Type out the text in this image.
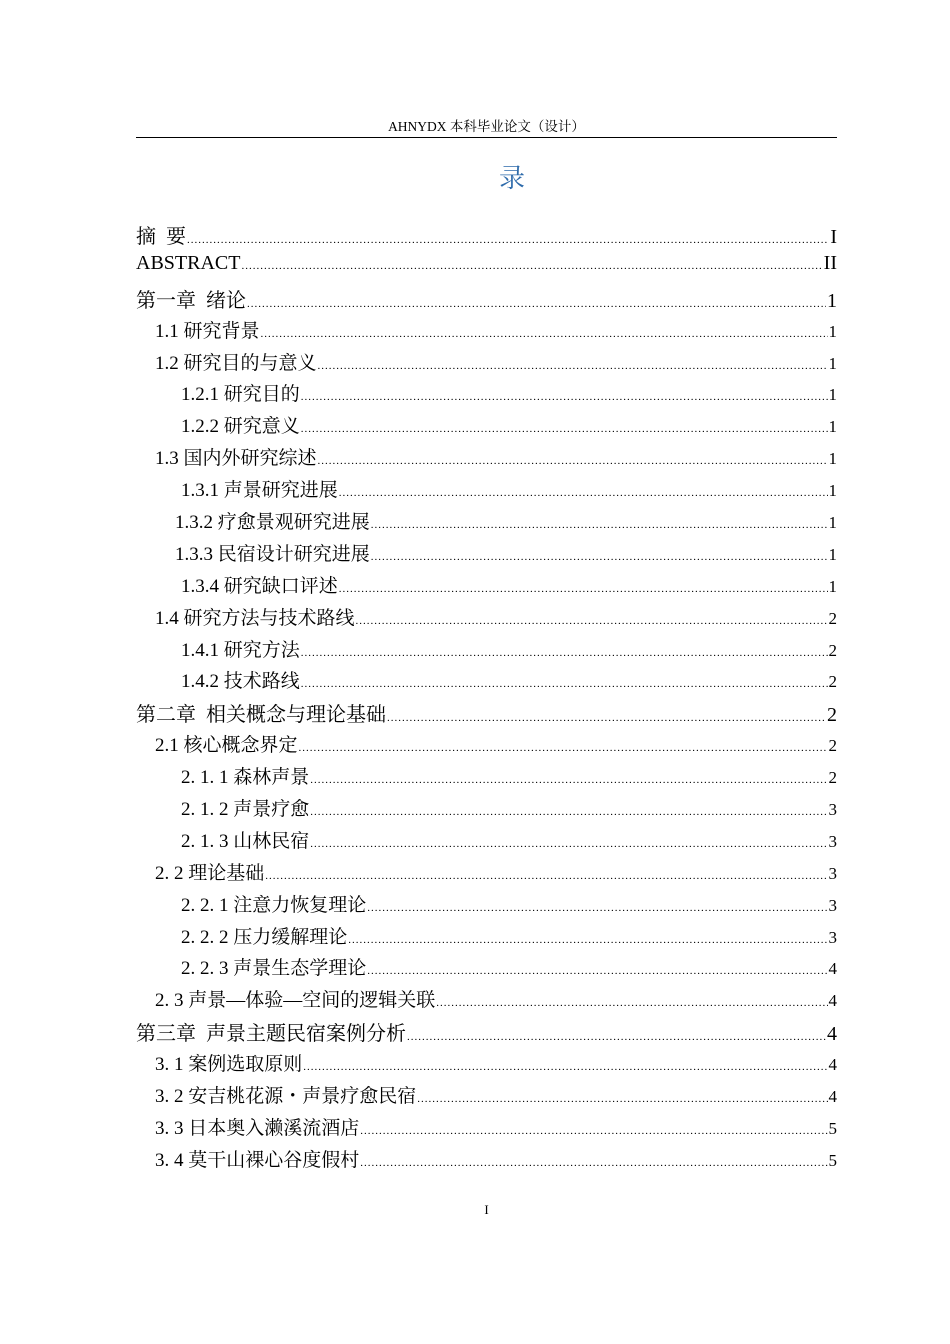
AHNYDX 本科毕业论文（设计）
录
摘  要 .....	I
ABSTRACT .....	II
第一章  绪论 .....	1
1.1 研究背景 .....	1
1.2 研究目的与意义 .....	1
1.2.1 研究目的 .....	1
1.2.2 研究意义 .....	1
1.3 国内外研究综述 .....	1
1.3.1 声景研究进展 .....	1
1.3.2 疗愈景观研究进展 .....	1
1.3.3 民宿设计研究进展 .....	1
1.3.4 研究缺口评述 .....	1
1.4 研究方法与技术路线 .....	2
1.4.1 研究方法 .....	2
1.4.2 技术路线 .....	2
第二章  相关概念与理论基础 .....	2
2.1 核心概念界定 .....	2
2. 1. 1 森林声景 .....	2
2. 1. 2 声景疗愈 .....	3
2. 1. 3 山林民宿 .....	3
2. 2 理论基础 .....	3
2. 2. 1 注意力恢复理论 .....	3
2. 2. 2 压力缓解理论 .....	3
2. 2. 3 声景生态学理论 .....	4
2. 3 声景—体验—空间的逻辑关联 .....	4
第三章  声景主题民宿案例分析 .....	4
3. 1 案例选取原则 .....	4
3. 2 安吉桃花源・声景疗愈民宿 .....	4
3. 3 日本奥入濑溪流酒店 .....	5
3. 4 莫干山裸心谷度假村 .....	5
I
